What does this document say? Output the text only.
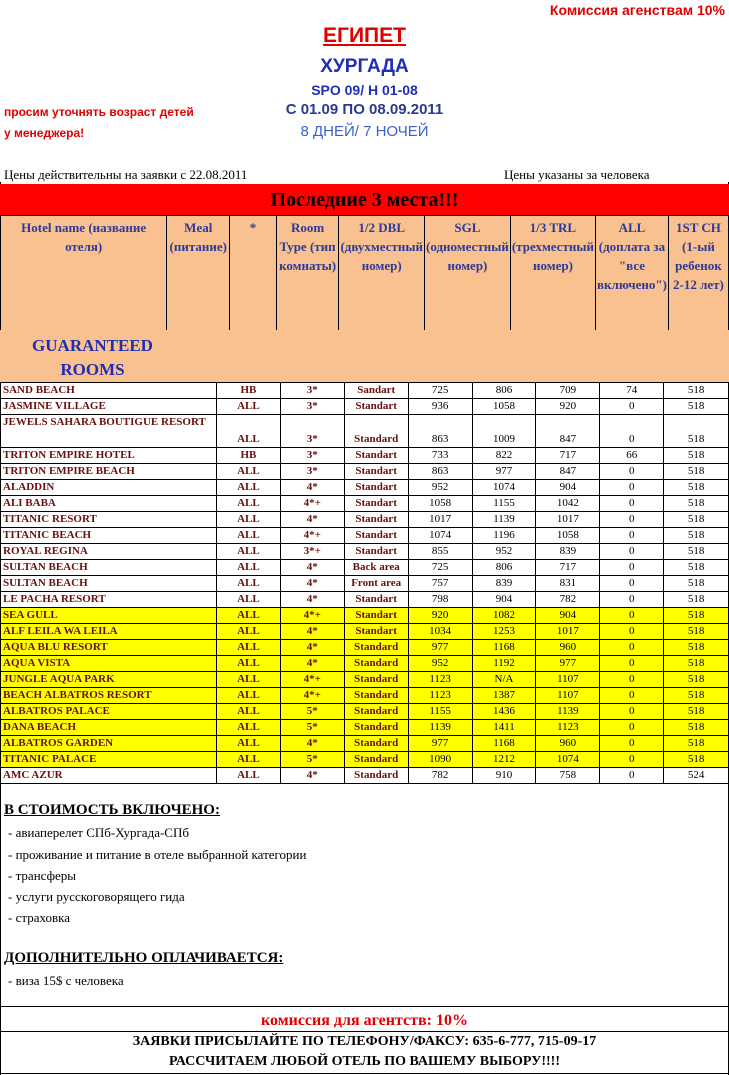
Комиссия агенствам 10%
ЕГИПЕТ
ХУРГАДА
SPO 09/ H 01-08
С 01.09 ПО 08.09.2011
8 ДНЕЙ/ 7 НОЧЕЙ
просим уточнять возраст детей
у менеджера!
Цены действительны на заявки с 22.08.2011	Цены указаны за человека
Последние 3 места!!!
Hotel name (название отеля)	Meal (питание)	*	Room Type (тип комнаты)	1/2 DBL (двухместный номер)	SGL (одноместный номер)	1/3 TRL (трехместный номер)	ALL (доплата за "все включено")	1ST CH (1-ый ребенок 2-12 лет)
GUARANTEED
ROOMS
SAND BEACH	HB	3*	Sandart	725	806	709	74	518
JASMINE VILLAGE	ALL	3*	Standart	936	1058	920	0	518
JEWELS SAHARA BOUTIGUE RESORT	ALL	3*	Standard	863	1009	847	0	518
TRITON EMPIRE HOTEL	HB	3*	Standart	733	822	717	66	518
TRITON EMPIRE BEACH	ALL	3*	Standart	863	977	847	0	518
ALADDIN	ALL	4*	Standart	952	1074	904	0	518
ALI BABA	ALL	4*+	Standart	1058	1155	1042	0	518
TITANIC RESORT	ALL	4*	Standart	1017	1139	1017	0	518
TITANIC BEACH	ALL	4*+	Standart	1074	1196	1058	0	518
ROYAL REGINA	ALL	3*+	Standart	855	952	839	0	518
SULTAN BEACH	ALL	4*	Back area	725	806	717	0	518
SULTAN BEACH	ALL	4*	Front area	757	839	831	0	518
LE PACHA RESORT	ALL	4*	Standart	798	904	782	0	518
SEA GULL	ALL	4*+	Standart	920	1082	904	0	518
ALF LEILA WA LEILA	ALL	4*	Standart	1034	1253	1017	0	518
AQUA BLU RESORT	ALL	4*	Standard	977	1168	960	0	518
AQUA VISTA	ALL	4*	Standard	952	1192	977	0	518
JUNGLE AQUA PARK	ALL	4*+	Standard	1123	N/A	1107	0	518
BEACH ALBATROS RESORT	ALL	4*+	Standard	1123	1387	1107	0	518
ALBATROS PALACE	ALL	5*	Standard	1155	1436	1139	0	518
DANA BEACH	ALL	5*	Standard	1139	1411	1123	0	518
ALBATROS GARDEN	ALL	4*	Standard	977	1168	960	0	518
TITANIC PALACE	ALL	5*	Standard	1090	1212	1074	0	518
AMC AZUR	ALL	4*	Standard	782	910	758	0	524
В СТОИМОСТЬ ВКЛЮЧЕНО:
- авиаперелет СПб-Хургада-СПб
- проживание и питание в отеле выбранной категории
- трансферы
- услуги русскоговорящего гида
- страховка
ДОПОЛНИТЕЛЬНО ОПЛАЧИВАЕТСЯ:
- виза 15$ с человека
комиссия для агентств: 10%
ЗАЯВКИ ПРИСЫЛАЙТЕ ПО ТЕЛЕФОНУ/ФАКСУ: 635-6-777, 715-09-17
РАССЧИТАЕМ ЛЮБОЙ ОТЕЛЬ ПО ВАШЕМУ ВЫБОРУ!!!!
